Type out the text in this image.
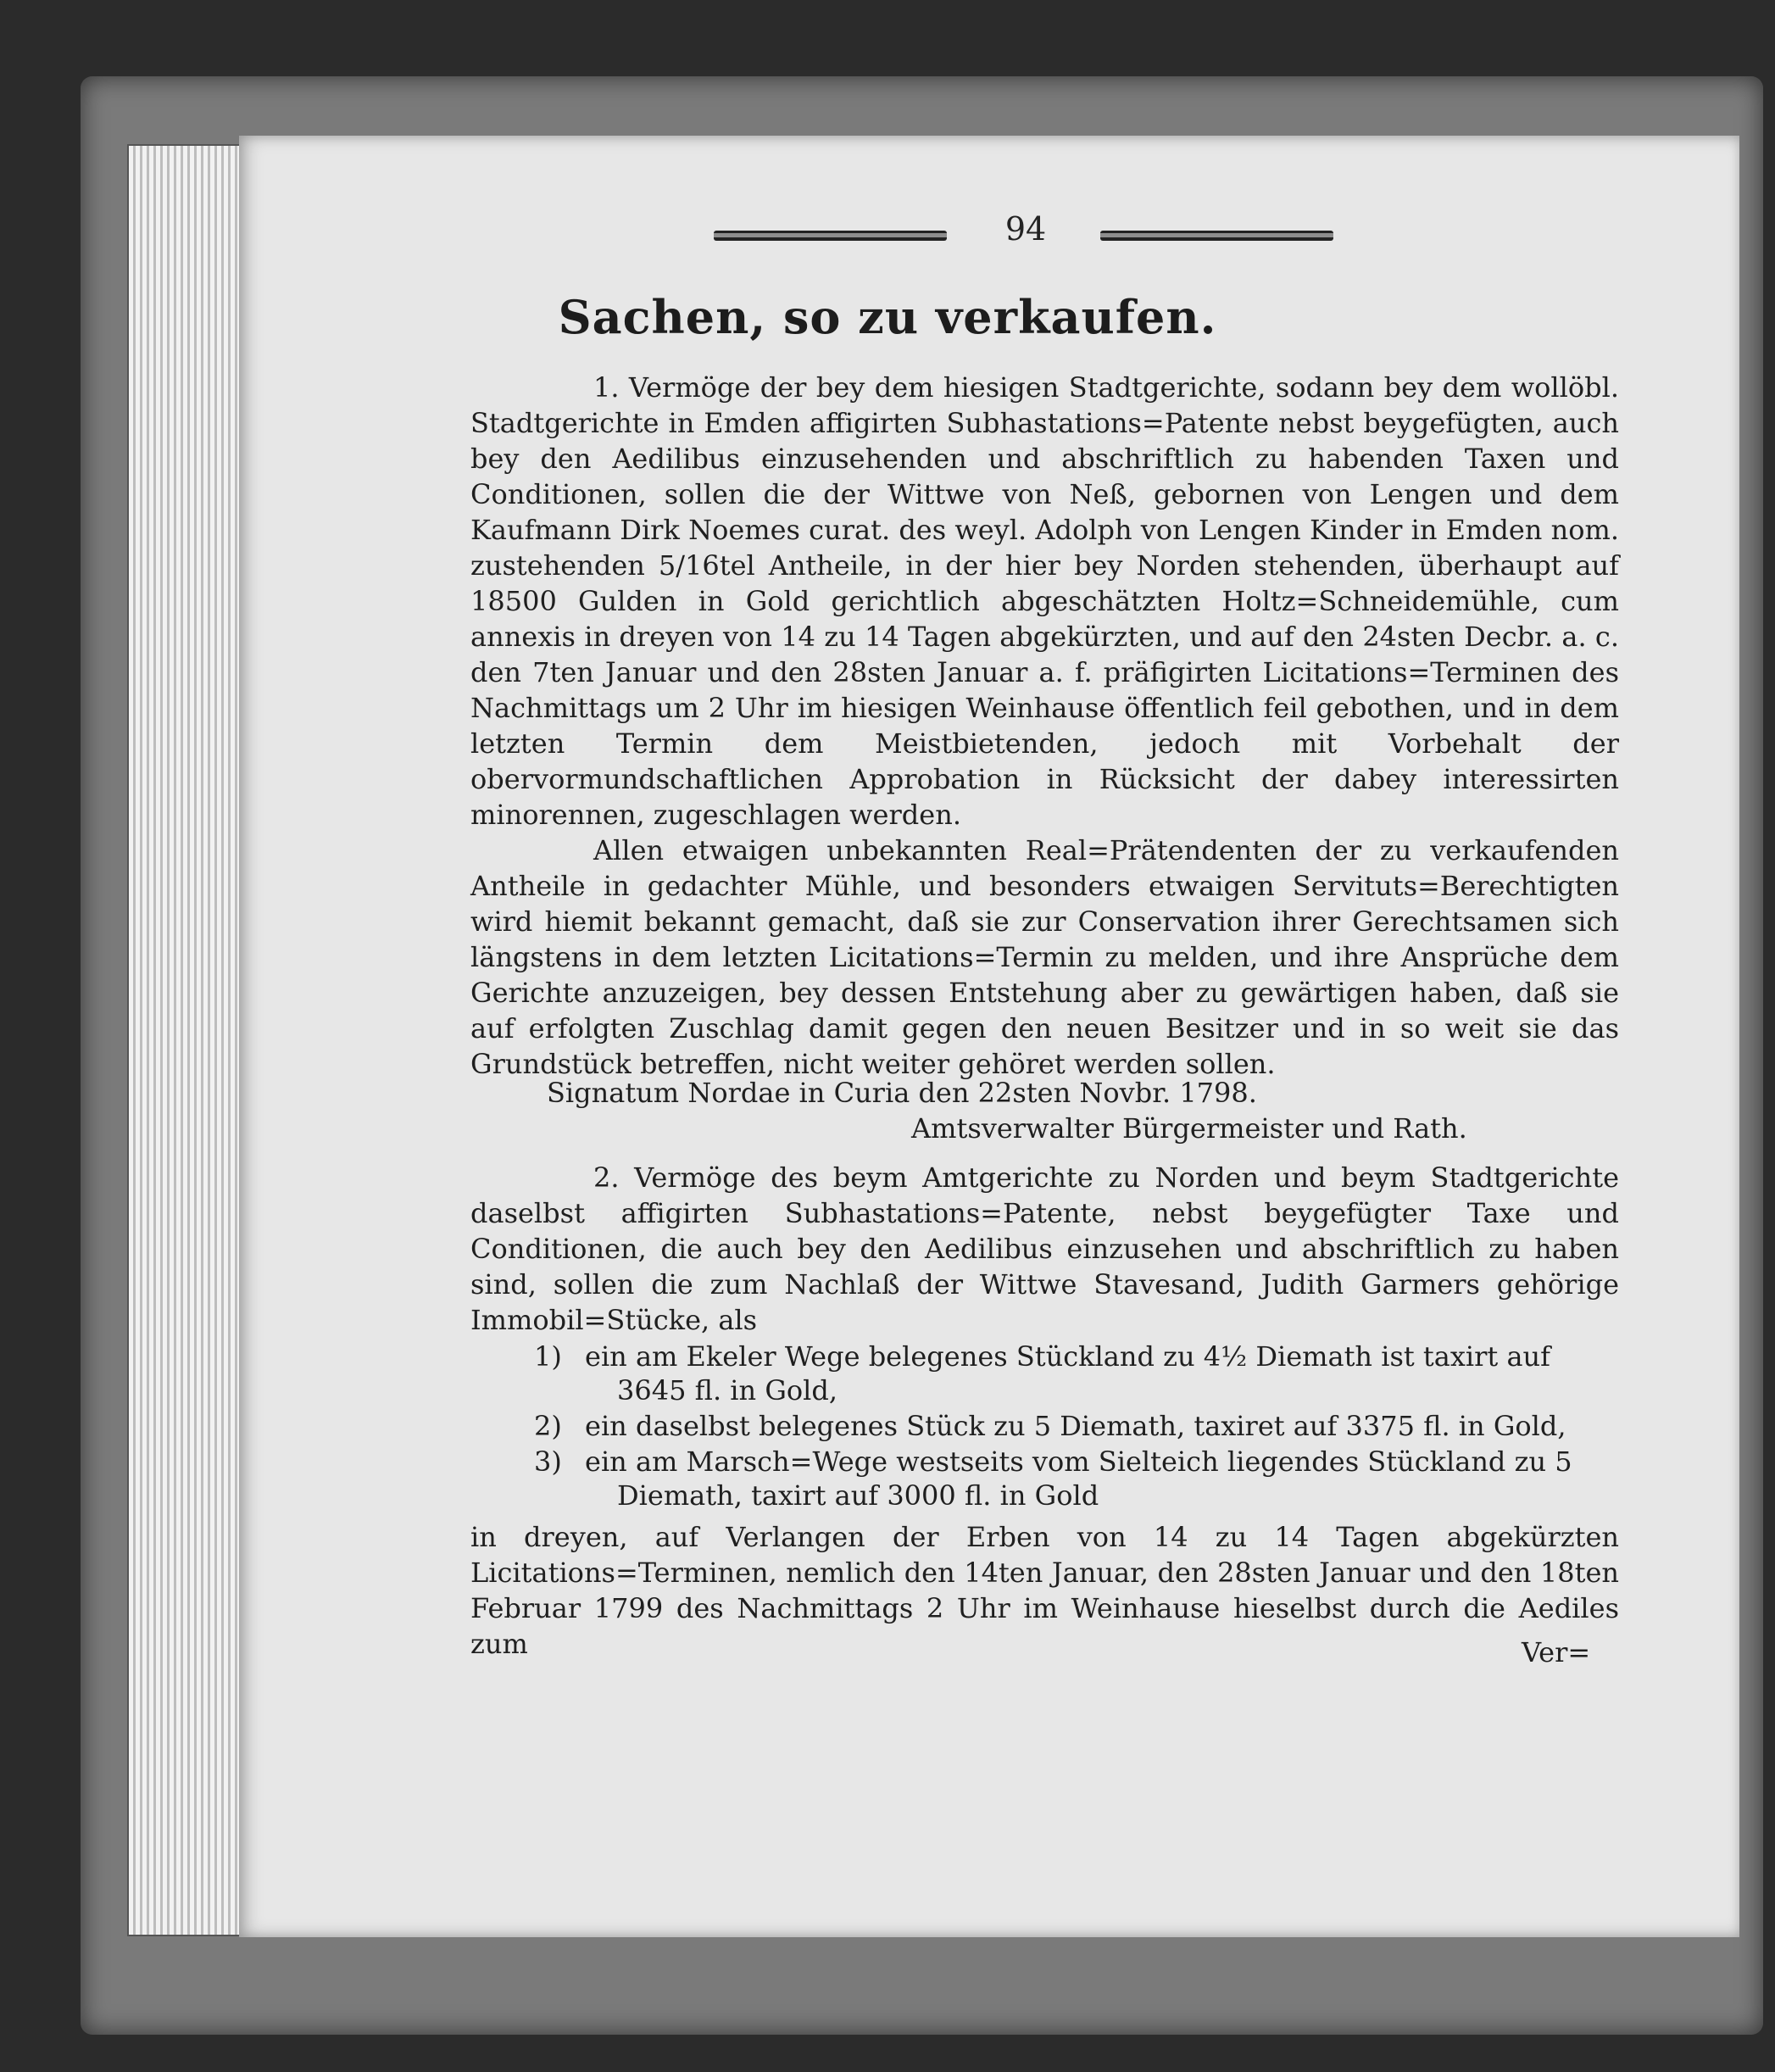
94
Sachen, so zu verkaufen.

1. Vermöge der bey dem hiesigen Stadtgerichte, sodann bey dem wollöbl. Stadtgerichte in Emden affigirten Subhastations=Patente nebst beygefügten, auch bey den Aedilibus einzusehenden und abschriftlich zu habenden Taxen und Conditionen, sollen die der Wittwe von Neß, gebornen von Lengen und dem Kaufmann Dirk Noemes curat. des weyl. Adolph von Lengen Kinder in Emden nom. zustehenden 5/16tel Antheile, in der hier bey Norden stehenden, überhaupt auf 18500 Gulden in Gold gerichtlich abgeschätzten Holtz=Schneidemühle, cum annexis in dreyen von 14 zu 14 Tagen abgekürzten, und auf den 24sten Decbr. a. c. den 7ten Januar und den 28sten Januar a. f. präfigirten Licitations=Terminen des Nachmittags um 2 Uhr im hiesigen Weinhause öffentlich feil gebothen, und in dem letzten Termin dem Meistbietenden, jedoch mit Vorbehalt der obervormundschaftlichen Approbation in Rücksicht der dabey interessirten minorennen, zugeschlagen werden.

Allen etwaigen unbekannten Real=Prätendenten der zu verkaufenden Antheile in gedachter Mühle, und besonders etwaigen Servituts=Berechtigten wird hiemit bekannt gemacht, daß sie zur Conservation ihrer Gerechtsamen sich längstens in dem letzten Licitations=Termin zu melden, und ihre Ansprüche dem Gerichte anzuzeigen, bey dessen Entstehung aber zu gewärtigen haben, daß sie auf erfolgten Zuschlag damit gegen den neuen Besitzer und in so weit sie das Grundstück betreffen, nicht weiter gehöret werden sollen.

Signatum Nordae in Curia den 22sten Novbr. 1798.
Amtsverwalter Bürgermeister und Rath.

2. Vermöge des beym Amtgerichte zu Norden und beym Stadtgerichte daselbst affigirten Subhastations=Patente, nebst beygefügter Taxe und Conditionen, die auch bey den Aedilibus einzusehen und abschriftlich zu haben sind, sollen die zum Nachlaß der Wittwe Stavesand, Judith Garmers gehörige Immobil=Stücke, als

1) ein am Ekeler Wege belegenes Stückland zu 4½ Diemath ist taxirt auf
3645 fl. in Gold,
2) ein daselbst belegenes Stück zu 5 Diemath, taxiret auf 3375 fl. in Gold,
3) ein am Marsch=Wege westseits vom Sielteich liegendes Stückland zu 5
Diemath, taxirt auf 3000 fl. in Gold
in dreyen, auf Verlangen der Erben von 14 zu 14 Tagen abgekürzten Licitations=Terminen, nemlich den 14ten Januar, den 28sten Januar und den 18ten Februar 1799 des Nachmittags 2 Uhr im Weinhause hieselbst durch die Aediles zum	Ver=
